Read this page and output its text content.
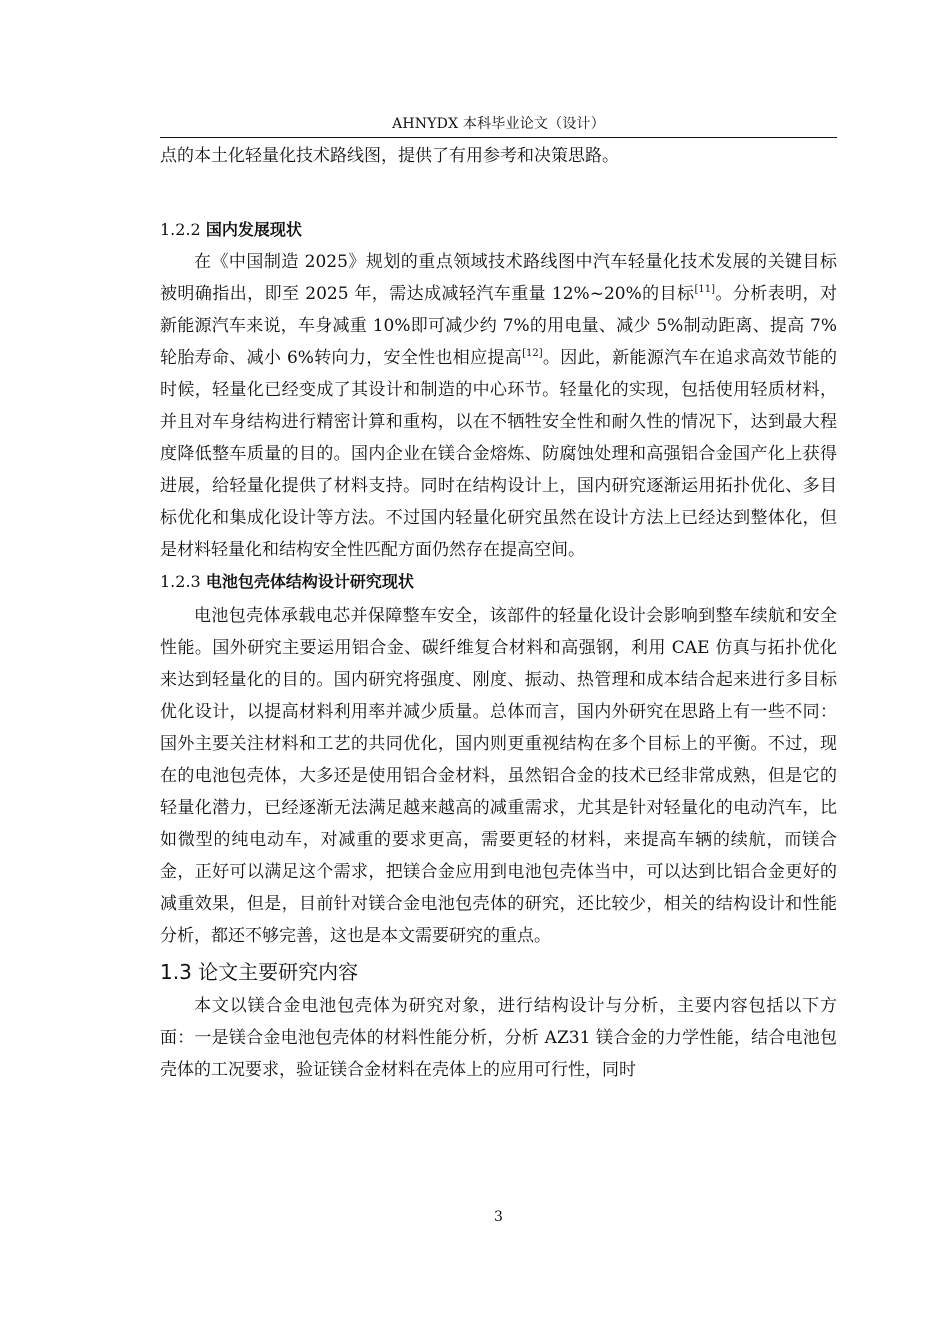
AHNYDX 本科毕业论文（设计）

点的本土化轻量化技术路线图，提供了有用参考和决策思路。

1.2.2 国内发展现状

在《中国制造 2025》规划的重点领域技术路线图中汽车轻量化技术发展的关键目标被明确指出，即至 2025 年，需达成减轻汽车重量 12%~20%的目标[11]。分析表明，对新能源汽车来说，车身减重 10%即可减少约 7%的用电量、减少 5%制动距离、提高 7%轮胎寿命、减小 6%转向力，安全性也相应提高[12]。因此，新能源汽车在追求高效节能的时候，轻量化已经变成了其设计和制造的中心环节。轻量化的实现，包括使用轻质材料，并且对车身结构进行精密计算和重构，以在不牺牲安全性和耐久性的情况下，达到最大程度降低整车质量的目的。国内企业在镁合金熔炼、防腐蚀处理和高强铝合金国产化上获得进展，给轻量化提供了材料支持。同时在结构设计上，国内研究逐渐运用拓扑优化、多目标优化和集成化设计等方法。不过国内轻量化研究虽然在设计方法上已经达到整体化，但是材料轻量化和结构安全性匹配方面仍然存在提高空间。

1.2.3 电池包壳体结构设计研究现状

电池包壳体承载电芯并保障整车安全，该部件的轻量化设计会影响到整车续航和安全性能。国外研究主要运用铝合金、碳纤维复合材料和高强钢，利用 CAE 仿真与拓扑优化来达到轻量化的目的。国内研究将强度、刚度、振动、热管理和成本结合起来进行多目标优化设计，以提高材料利用率并减少质量。总体而言，国内外研究在思路上有一些不同：国外主要关注材料和工艺的共同优化，国内则更重视结构在多个目标上的平衡。不过，现在的电池包壳体，大多还是使用铝合金材料，虽然铝合金的技术已经非常成熟，但是它的轻量化潜力，已经逐渐无法满足越来越高的减重需求，尤其是针对轻量化的电动汽车，比如微型的纯电动车，对减重的要求更高，需要更轻的材料，来提高车辆的续航，而镁合金，正好可以满足这个需求，把镁合金应用到电池包壳体当中，可以达到比铝合金更好的减重效果，但是，目前针对镁合金电池包壳体的研究，还比较少，相关的结构设计和性能分析，都还不够完善，这也是本文需要研究的重点。

1.3 论文主要研究内容

本文以镁合金电池包壳体为研究对象，进行结构设计与分析，主要内容包括以下方面：一是镁合金电池包壳体的材料性能分析，分析 AZ31 镁合金的力学性能，结合电池包壳体的工况要求，验证镁合金材料在壳体上的应用可行性，同时

3
